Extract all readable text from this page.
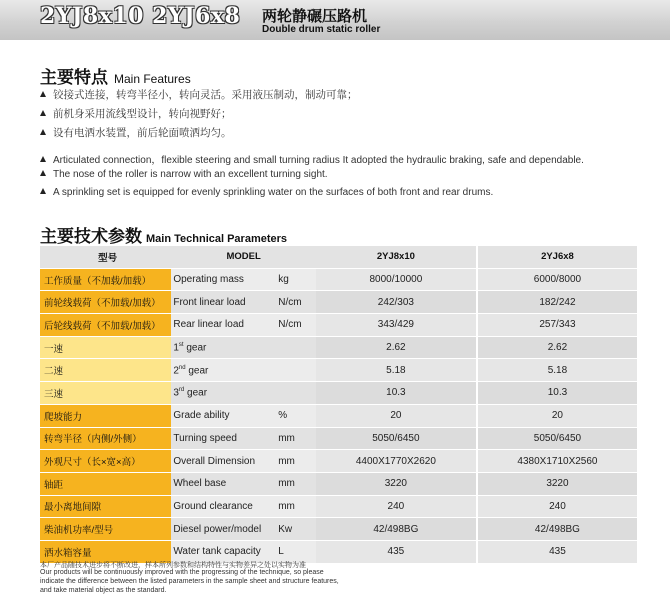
2YJ8x10 2YJ6x8 两轮静碾压路机
Double drum static roller
主要特点 Main Features
铰接式连接，转弯半径小，转向灵活。采用液压制动，制动可靠；
前机身采用流线型设计，转向视野好；
设有电洒水装置，前后轮面喷洒均匀。
Articulated connection，flexible steering and small turning radius It adopted the hydraulic braking, safe and dependable.
The nose of the roller is narrow with an excellent turning sight.
A sprinkling set is equipped for evenly sprinkling water on the surfaces of both front and rear drums.
主要技术参数 Main Technical Parameters
型号	MODEL		2YJ8x10	2YJ6x8
工作质量（不加载/加载）	Operating mass	kg	8000/10000	6000/8000
前轮线载荷（不加载/加载）	Front linear load	N/cm	242/303	182/242
后轮线载荷（不加载/加载）	Rear linear load	N/cm	343/429	257/343
一速	1st gear		2.62	2.62
二速	2nd gear		5.18	5.18
三速	3rd gear		10.3	10.3
爬坡能力	Grade ability	%	20	20
转弯半径（内侧/外侧）	Turning speed	mm	5050/6450	5050/6450
外观尺寸（长×宽×高）	Overall Dimension	mm	4400X1770X2620	4380X1710X2560
轴距	Wheel base	mm	3220	3220
最小离地间隙	Ground clearance	mm	240	240
柴油机功率/型号	Diesel power/model	Kw	42/498BG	42/498BG
洒水箱容量	Water tank capacity	L	435	435
本厂产品随技术进步将不断改进，样本所列参数和结构特性与实物差异之处以实物为准
Our products will be continuously improved with the progressing of the technique, so please
indicate the difference between the listed parameters in the sample sheet and structure features,
and take material object as the standard.
